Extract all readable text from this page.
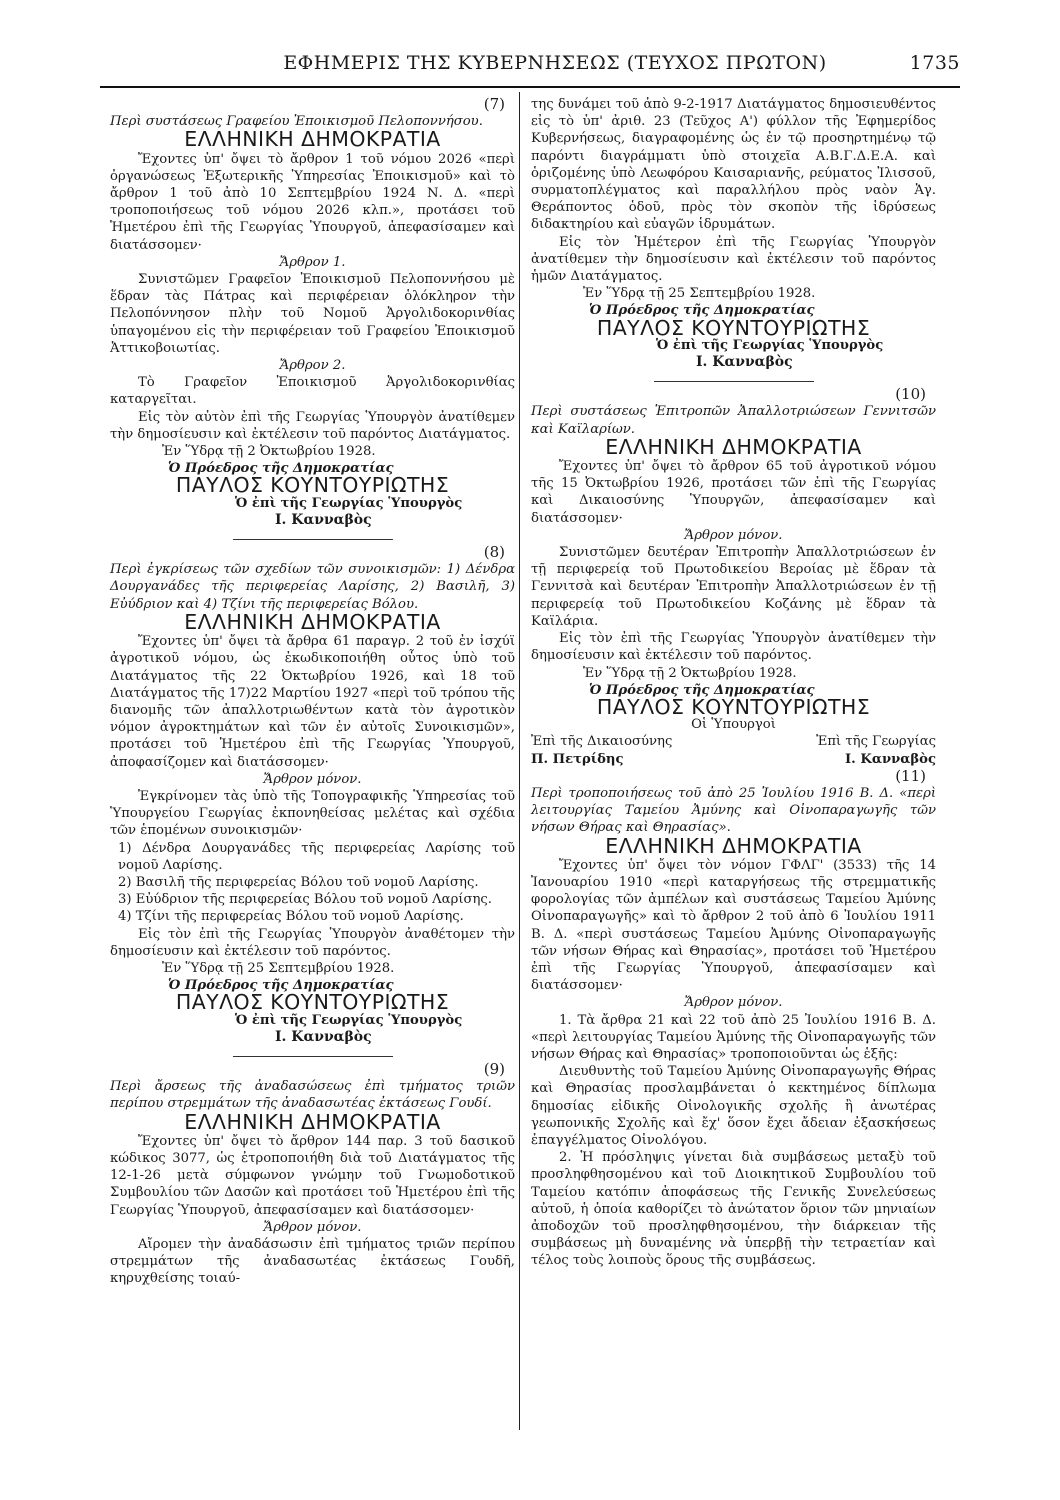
ΕΦΗΜΕΡΙΣ ΤΗΣ ΚΥΒΕΡΝΗΣΕΩΣ (ΤΕΥΧΟΣ ΠΡΩΤΟΝ)	1735

(7)

Περὶ συστάσεως Γραφείου Ἐποικισμοῦ Πελοποννήσου.

ΕΛΛΗΝΙΚΗ ΔΗΜΟΚΡΑΤΙΑ

Ἔχοντες ὑπ' ὄψει τὸ ἄρθρον 1 τοῦ νόμου 2026 «περὶ ὀργανώσεως Ἐξωτερικῆς Ὑπηρεσίας Ἐποικισμοῦ» καὶ τὸ ἄρθρον 1 τοῦ ἀπὸ 10 Σεπτεμβρίου 1924 Ν. Δ. «περὶ τροποποιήσεως τοῦ νόμου 2026 κλπ.», προτάσει τοῦ Ἡμετέρου ἐπὶ τῆς Γεωργίας Ὑπουργοῦ, ἀπεφασίσαμεν καὶ διατάσσομεν·

Ἄρθρον 1.

Συνιστῶμεν Γραφεῖον Ἐποικισμοῦ Πελοποννήσου μὲ ἕδραν τὰς Πάτρας καὶ περιφέρειαν ὁλόκληρον τὴν Πελοπόννησον πλὴν τοῦ Νομοῦ Ἀργολιδοκορινθίας ὑπαγομένου εἰς τὴν περιφέρειαν τοῦ Γραφείου Ἐποικισμοῦ Ἀττικοβοιωτίας.

Ἄρθρον 2.

Τὸ Γραφεῖον Ἐποικισμοῦ Ἀργολιδοκορινθίας καταργεῖται.

Εἰς τὸν αὐτὸν ἐπὶ τῆς Γεωργίας Ὑπουργὸν ἀνατίθεμεν τὴν δημοσίευσιν καὶ ἐκτέλεσιν τοῦ παρόντος Διατάγματος.

Ἐν Ὕδρᾳ τῇ 2 Ὀκτωβρίου 1928.

Ὁ Πρόεδρος τῆς Δημοκρατίας

ΠΑΥΛΟΣ ΚΟΥΝΤΟΥΡΙΩΤΗΣ

Ὁ ἐπὶ τῆς Γεωργίας Ὑπουργὸς

Ι. Κανναβὸς

(8)

Περὶ ἐγκρίσεως τῶν σχεδίων τῶν συνοικισμῶν: 1) Δένδρα Δουργανάδες τῆς περιφερείας Λαρίσης, 2) Βασιλῆ, 3) Εὐύδριον καὶ 4) Τζίνι τῆς περιφερείας Βόλου.

ΕΛΛΗΝΙΚΗ ΔΗΜΟΚΡΑΤΙΑ

Ἔχοντες ὑπ' ὄψει τὰ ἄρθρα 61 παραγρ. 2 τοῦ ἐν ἰσχύϊ ἀγροτικοῦ νόμου, ὡς ἐκωδικοποιήθη οὗτος ὑπὸ τοῦ Διατάγματος τῆς 22 Ὀκτωβρίου 1926, καὶ 18 τοῦ Διατάγματος τῆς 17)22 Μαρτίου 1927 «περὶ τοῦ τρόπου τῆς διανομῆς τῶν ἀπαλλοτριωθέντων κατὰ τὸν ἀγροτικὸν νόμον ἀγροκτημάτων καὶ τῶν ἐν αὐτοῖς Συνοικισμῶν», προτάσει τοῦ Ἡμετέρου ἐπὶ τῆς Γεωργίας Ὑπουργοῦ, ἀποφασίζομεν καὶ διατάσσομεν·

Ἄρθρον μόνον.

Ἐγκρίνομεν τὰς ὑπὸ τῆς Τοπογραφικῆς Ὑπηρεσίας τοῦ Ὑπουργείου Γεωργίας ἐκπονηθείσας μελέτας καὶ σχέδια τῶν ἑπομένων συνοικισμῶν·

1) Δένδρα Δουργανάδες τῆς περιφερείας Λαρίσης τοῦ νομοῦ Λαρίσης.

2) Βασιλῆ τῆς περιφερείας Βόλου τοῦ νομοῦ Λαρίσης.

3) Εὐύδριον τῆς περιφερείας Βόλου τοῦ νομοῦ Λαρίσης.

4) Τζίνι τῆς περιφερείας Βόλου τοῦ νομοῦ Λαρίσης.

Εἰς τὸν ἐπὶ τῆς Γεωργίας Ὑπουργὸν ἀναθέτομεν τὴν δημοσίευσιν καὶ ἐκτέλεσιν τοῦ παρόντος.

Ἐν Ὕδρᾳ τῇ 25 Σεπτεμβρίου 1928.

Ὁ Πρόεδρος τῆς Δημοκρατίας

ΠΑΥΛΟΣ ΚΟΥΝΤΟΥΡΙΩΤΗΣ

Ὁ ἐπὶ τῆς Γεωργίας Ὑπουργὸς

Ι. Κανναβὸς

(9)

Περὶ ἄρσεως τῆς ἀναδασώσεως ἐπὶ τμήματος τριῶν περίπου στρεμμάτων τῆς ἀναδασωτέας ἐκτάσεως Γουδί.

ΕΛΛΗΝΙΚΗ ΔΗΜΟΚΡΑΤΙΑ

Ἔχοντες ὑπ' ὄψει τὸ ἄρθρον 144 παρ. 3 τοῦ δασικοῦ κώδικος 3077, ὡς ἐτροποποιήθη διὰ τοῦ Διατάγματος τῆς 12-1-26 μετὰ σύμφωνον γνώμην τοῦ Γνωμοδοτικοῦ Συμβουλίου τῶν Δασῶν καὶ προτάσει τοῦ Ἡμετέρου ἐπὶ τῆς Γεωργίας Ὑπουργοῦ, ἀπεφασίσαμεν καὶ διατάσσομεν·

Ἄρθρον μόνον.

Αἴρομεν τὴν ἀναδάσωσιν ἐπὶ τμήματος τριῶν περίπου στρεμμάτων τῆς ἀναδασωτέας ἐκτάσεως Γουδῆ, κηρυχθείσης τοιαύ-

της δυνάμει τοῦ ἀπὸ 9-2-1917 Διατάγματος δημοσιευθέντος εἰς τὸ ὑπ' ἀριθ. 23 (Τεῦχος Α') φύλλον τῆς Ἐφημερίδος Κυβερνήσεως, διαγραφομένης ὡς ἐν τῷ προσηρτημένῳ τῷ παρόντι διαγράμματι ὑπὸ στοιχεῖα Α.Β.Γ.Δ.Ε.Α. καὶ ὁριζομένης ὑπὸ Λεωφόρου Καισαριανῆς, ρεύματος Ἰλισσοῦ, συρματοπλέγματος καὶ παραλλήλου πρὸς ναὸν Ἁγ. Θεράποντος ὁδοῦ, πρὸς τὸν σκοπὸν τῆς ἱδρύσεως διδακτηρίου καὶ εὐαγῶν ἱδρυμάτων.

Εἰς τὸν Ἡμέτερον ἐπὶ τῆς Γεωργίας Ὑπουργὸν ἀνατίθεμεν τὴν δημοσίευσιν καὶ ἐκτέλεσιν τοῦ παρόντος ἡμῶν Διατάγματος.

Ἐν Ὕδρᾳ τῇ 25 Σεπτεμβρίου 1928.

Ὁ Πρόεδρος τῆς Δημοκρατίας

ΠΑΥΛΟΣ ΚΟΥΝΤΟΥΡΙΩΤΗΣ

Ὁ ἐπὶ τῆς Γεωργίας Ὑπουργὸς

Ι. Κανναβὸς

(10)

Περὶ συστάσεως Ἐπιτροπῶν Ἀπαλλοτριώσεων Γεννιτσῶν καὶ Καϊλαρίων.

ΕΛΛΗΝΙΚΗ ΔΗΜΟΚΡΑΤΙΑ

Ἔχοντες ὑπ' ὄψει τὸ ἄρθρον 65 τοῦ ἀγροτικοῦ νόμου τῆς 15 Ὀκτωβρίου 1926, προτάσει τῶν ἐπὶ τῆς Γεωργίας καὶ Δικαιοσύνης Ὑπουργῶν, ἀπεφασίσαμεν καὶ διατάσσομεν·

Ἄρθρον μόνον.

Συνιστῶμεν δευτέραν Ἐπιτροπὴν Ἀπαλλοτριώσεων ἐν τῇ περιφερείᾳ τοῦ Πρωτοδικείου Βεροίας μὲ ἕδραν τὰ Γεννιτσὰ καὶ δευτέραν Ἐπιτροπὴν Ἀπαλλοτριώσεων ἐν τῇ περιφερείᾳ τοῦ Πρωτοδικείου Κοζάνης μὲ ἕδραν τὰ Καϊλάρια.

Εἰς τὸν ἐπὶ τῆς Γεωργίας Ὑπουργὸν ἀνατίθεμεν τὴν δημοσίευσιν καὶ ἐκτέλεσιν τοῦ παρόντος.

Ἐν Ὕδρᾳ τῇ 2 Ὀκτωβρίου 1928.

Ὁ Πρόεδρος τῆς Δημοκρατίας

ΠΑΥΛΟΣ ΚΟΥΝΤΟΥΡΙΩΤΗΣ

Οἱ Ὑπουργοὶ

Ἐπὶ τῆς Δικαιοσύνης	Ἐπὶ τῆς Γεωργίας
Π. Πετρίδης	Ι. Κανναβὸς

(11)

Περὶ τροποποιήσεως τοῦ ἀπὸ 25 Ἰουλίου 1916 Β. Δ. «περὶ λειτουργίας Ταμείου Ἀμύνης καὶ Οἰνοπαραγωγῆς τῶν νήσων Θήρας καὶ Θηρασίας».

ΕΛΛΗΝΙΚΗ ΔΗΜΟΚΡΑΤΙΑ

Ἔχοντες ὑπ' ὄψει τὸν νόμον ΓΦΛΓ' (3533) τῆς 14 Ἰανουαρίου 1910 «περὶ καταργήσεως τῆς στρεμματικῆς φορολογίας τῶν ἀμπέλων καὶ συστάσεως Ταμείου Ἀμύνης Οἰνοπαραγωγῆς» καὶ τὸ ἄρθρον 2 τοῦ ἀπὸ 6 Ἰουλίου 1911 Β. Δ. «περὶ συστάσεως Ταμείου Ἀμύνης Οἰνοπαραγωγῆς τῶν νήσων Θήρας καὶ Θηρασίας», προτάσει τοῦ Ἡμετέρου ἐπὶ τῆς Γεωργίας Ὑπουργοῦ, ἀπεφασίσαμεν καὶ διατάσσομεν·

Ἄρθρον μόνον.

1. Τὰ ἄρθρα 21 καὶ 22 τοῦ ἀπὸ 25 Ἰουλίου 1916 Β. Δ. «περὶ λειτουργίας Ταμείου Ἀμύνης τῆς Οἰνοπαραγωγῆς τῶν νήσων Θήρας καὶ Θηρασίας» τροποποιοῦνται ὡς ἑξῆς:

Διευθυντὴς τοῦ Ταμείου Ἀμύνης Οἰνοπαραγωγῆς Θήρας καὶ Θηρασίας προσλαμβάνεται ὁ κεκτημένος δίπλωμα δημοσίας εἰδικῆς Οἰνολογικῆς σχολῆς ἢ ἀνωτέρας γεωπονικῆς Σχολῆς καὶ ἔχ' ὅσον ἔχει ἄδειαν ἐξασκήσεως ἐπαγγέλματος Οἰνολόγου.

2. Ἡ πρόσληψις γίνεται διὰ συμβάσεως μεταξὺ τοῦ προσληφθησομένου καὶ τοῦ Διοικητικοῦ Συμβουλίου τοῦ Ταμείου κατόπιν ἀποφάσεως τῆς Γενικῆς Συνελεύσεως αὐτοῦ, ἡ ὁποία καθορίζει τὸ ἀνώτατον ὅριον τῶν μηνιαίων ἀποδοχῶν τοῦ προσληφθησομένου, τὴν διάρκειαν τῆς συμβάσεως μὴ δυναμένης νὰ ὑπερβῇ τὴν τετραετίαν καὶ τέλος τοὺς λοιποὺς ὅρους τῆς συμβάσεως.
